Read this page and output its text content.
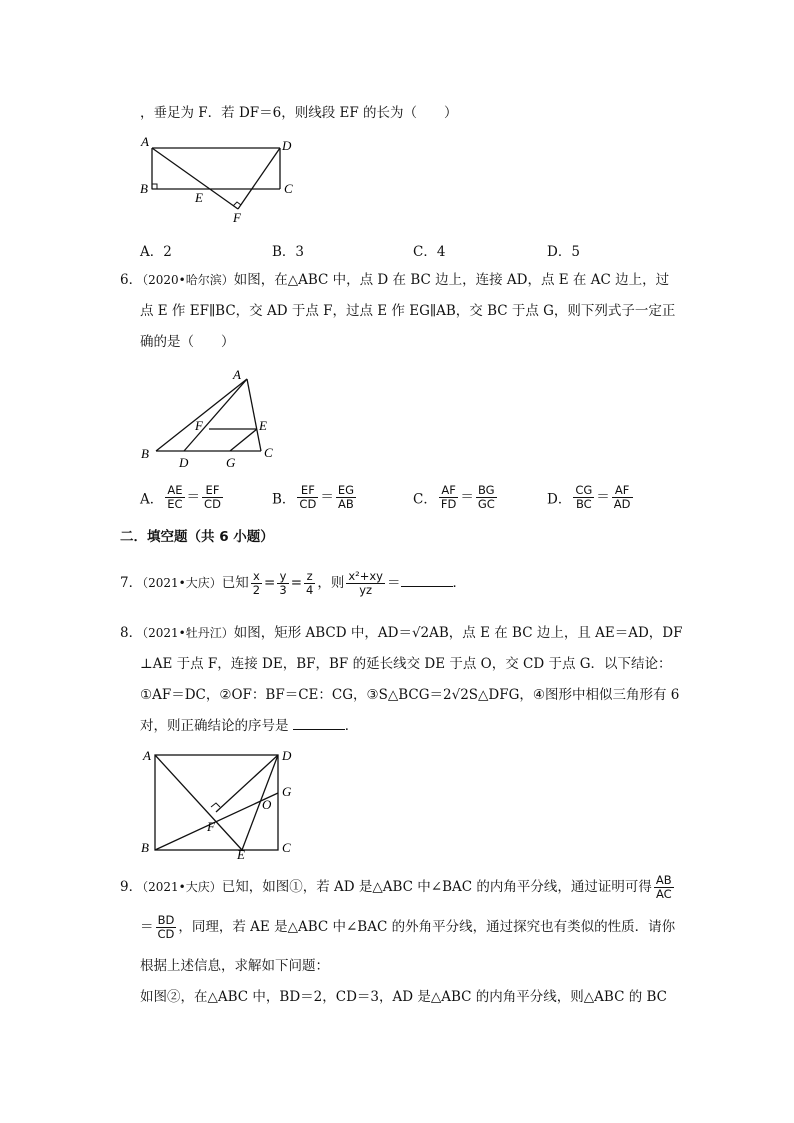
，垂足为 F．若 DF＝6，则线段 EF 的长为（　　）
A	D
B	C
E
F
A．2	B．3	C．4	D．5
6．（2020•哈尔滨）如图，在△ABC 中，点 D 在 BC 边上，连接 AD，点 E 在 AC 边上，过
点 E 作 EF∥BC，交 AD 于点 F，过点 E 作 EG∥AB，交 BC 于点 G，则下列式子一定正
确的是（　　）
A
B	C
D	G
F	E
A． $\frac{AE}{EC} = \frac{EF}{CD}$	B． $\frac{EF}{CD} = \frac{EG}{AB}$	C． $\frac{AF}{FD} = \frac{BG}{GC}$	D． $\frac{CG}{BC} = \frac{AF}{AD}$
二．填空题（共 6 小题）
7．（2021•大庆）已知 $\frac{x}{2} = \frac{y}{3} = \frac{z}{4}$ ，则 $\frac{\text{x²+xy}}{yz}$ ＝	．
8．（2021•牡丹江）如图，矩形 ABCD 中，AD＝√2AB，点 E 在 BC 边上，且 AE＝AD，DF
⊥AE 于点 F，连接 DE，BF，BF 的延长线交 DE 于点 O，交 CD 于点 G．以下结论：
①AF＝DC，②OF：BF＝CE：CG，③S△BCG＝2√2S△DFG，④图形中相似三角形有 6
对，则正确结论的序号是	．
A	D
B	C
E
G
O
F
9．（2021•大庆）已知，如图①，若 AD 是△ABC 中∠BAC 的内角平分线，通过证明可得 $\frac{AB}{AC}$
＝ $\frac{BD}{CD}$ ，同理，若 AE 是△ABC 中∠BAC 的外角平分线，通过探究也有类似的性质．请你
根据上述信息，求解如下问题：
如图②，在△ABC 中，BD＝2，CD＝3，AD 是△ABC 的内角平分线，则△ABC 的 BC
